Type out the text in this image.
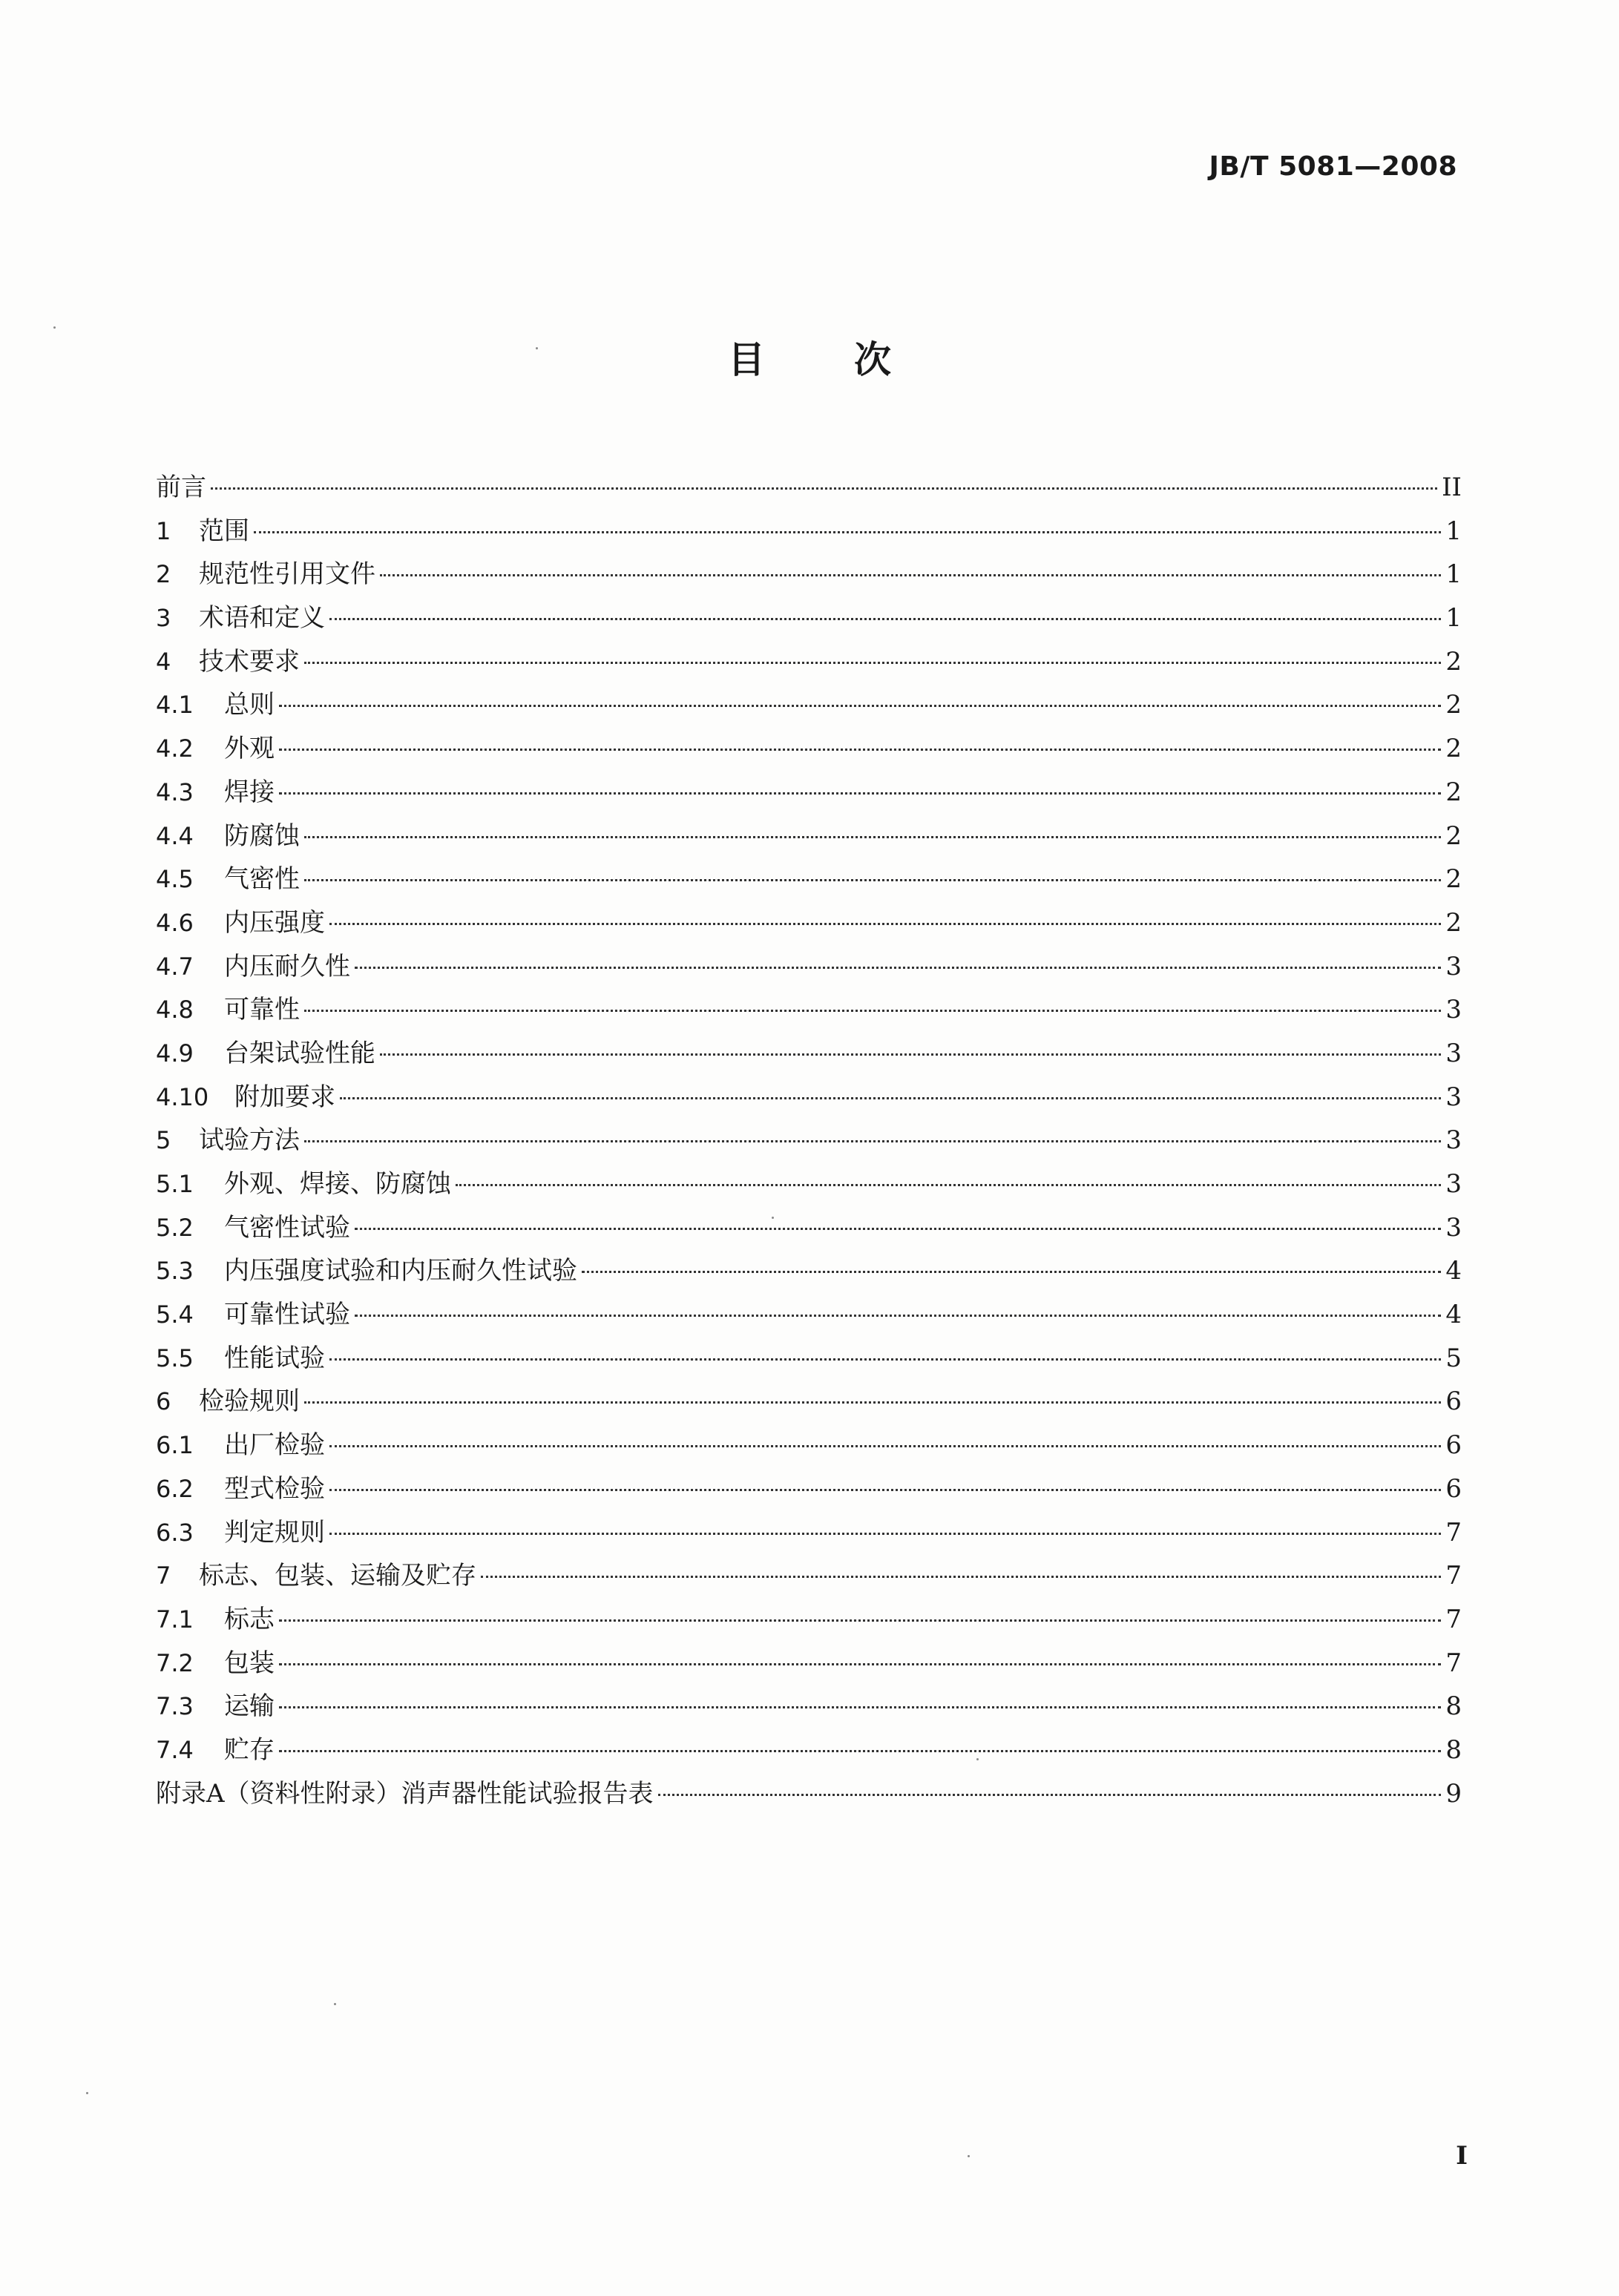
JB/T 5081—2008
目次
前言	II
1	范围	1
2	规范性引用文件	1
3	术语和定义	1
4	技术要求	2
4.1	总则	2
4.2	外观	2
4.3	焊接	2
4.4	防腐蚀	2
4.5	气密性	2
4.6	内压强度	2
4.7	内压耐久性	3
4.8	可靠性	3
4.9	台架试验性能	3
4.10	附加要求	3
5	试验方法	3
5.1	外观、焊接、防腐蚀	3
5.2	气密性试验	3
5.3	内压强度试验和内压耐久性试验	4
5.4	可靠性试验	4
5.5	性能试验	5
6	检验规则	6
6.1	出厂检验	6
6.2	型式检验	6
6.3	判定规则	7
7	标志、包装、运输及贮存	7
7.1	标志	7
7.2	包装	7
7.3	运输	8
7.4	贮存	8
附录A（资料性附录）消声器性能试验报告表	9
I
